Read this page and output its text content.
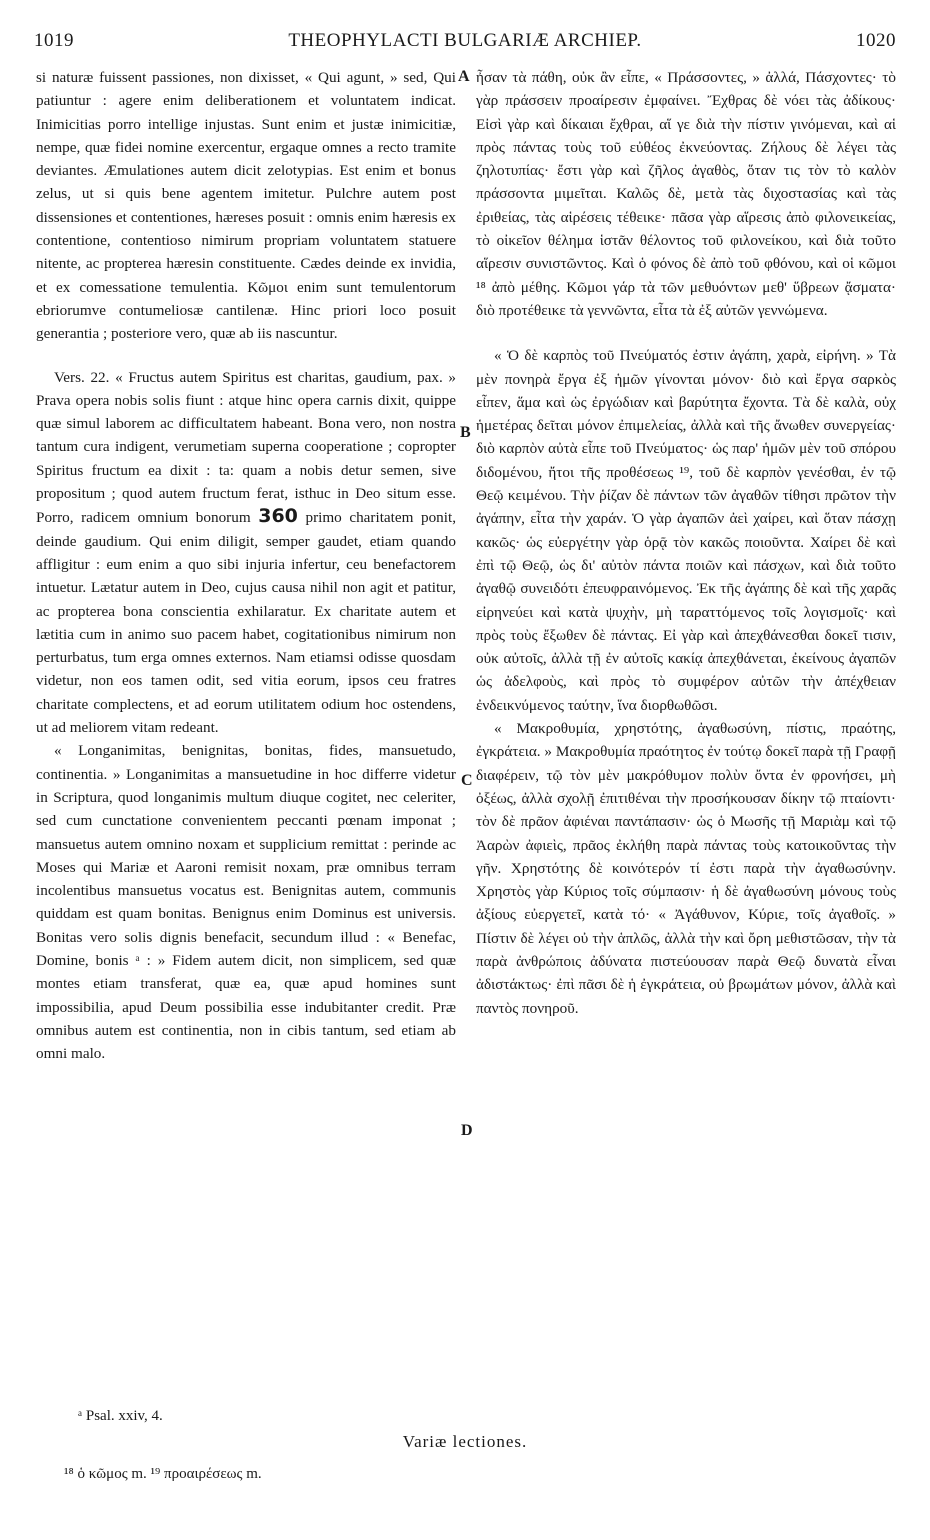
1019	THEOPHYLACTI BULGARIÆ ARCHIEP.	1020

si naturæ fuissent passiones, non dixisset, « Qui agunt, » sed, Qui patiuntur : agere enim deliberationem et voluntatem indicat. Inimicitias porro intellige injustas. Sunt enim et justæ inimicitiæ, nempe, quæ fidei nomine exercentur, ergaque omnes a recto tramite deviantes. Æmulationes autem dicit zelotypias. Est enim et bonus zelus, ut si quis bene agentem imitetur. Pulchre autem post dissensiones et contentiones, hæreses posuit : omnis enim hæresis ex contentione, contentioso nimirum propriam voluntatem statuere nitente, ac propterea hæresin constituente. Cædes deinde ex invidia, et ex comessatione temulentia. Κῶμοι enim sunt temulentorum ebriorumve contumeliosæ cantilenæ. Hinc priori loco posuit generantia ; posteriore vero, quæ ab iis nascuntur.

Vers. 22. « Fructus autem Spiritus est charitas, gaudium, pax. » Prava opera nobis solis fiunt : atque hinc opera carnis dixit, quippe quæ simul laborem ac difficultatem habeant. Bona vero, non nostra tantum cura indigent, verumetiam superna cooperatione ; copropter Spiritus fructum ea dixit : ta: quam a nobis detur semen, sive propositum ; quod autem fructum ferat, isthuc in Deo situm esse. Porro, radicem omnium bonorum 360 primo charitatem ponit, deinde gaudium. Qui enim diligit, semper gaudet, etiam quando affligitur : eum enim a quo sibi injuria infertur, ceu benefactorem intuetur. Lætatur autem in Deo, cujus causa nihil non agit et patitur, ac propterea bona conscientia exhilaratur. Ex charitate autem et lætitia cum in animo suo pacem habet, cogitationibus nimirum non perturbatus, tum erga omnes externos. Nam etiamsi odisse quosdam videtur, non eos tamen odit, sed vitia eorum, ipsos ceu fratres charitate complectens, et ad eorum utilitatem odium hoc ostendens, ut ad meliorem vitam redeant.

« Longanimitas, benignitas, bonitas, fides, mansuetudo, continentia. » Longanimitas a mansuetudine in hoc differre videtur in Scriptura, quod longanimis multum diuque cogitet, nec celeriter, sed cum cunctatione convenientem peccanti pœnam imponat ; mansuetus autem omnino noxam et supplicium remittat : perinde ac Moses qui Mariæ et Aaroni remisit noxam, præ omnibus terram incolentibus mansuetus vocatus est. Benignitas autem, communis quiddam est quam bonitas. Benignus enim Dominus est universis. Bonitas vero solis dignis benefacit, secundum illud : « Benefac, Domine, bonis ᵃ : » Fidem autem dicit, non simplicem, sed quæ montes etiam transferat, quæ ea, quæ apud homines sunt impossibilia, apud Deum possibilia esse indubitanter credit. Præ omnibus autem est continentia, non in cibis tantum, sed etiam ab omni malo.

ἦσαν τὰ πάθη, οὐκ ἂν εἶπε, « Πράσσοντες, » ἀλλά, Πάσχοντες· τὸ γὰρ πράσσειν προαίρεσιν ἐμφαίνει. Ἔχθρας δὲ νόει τὰς ἀδίκους· Εἰσὶ γὰρ καὶ δίκαιαι ἔχθραι, αἵ γε διὰ τὴν πίστιν γινόμεναι, καὶ αἱ πρὸς πάντας τοὺς τοῦ εὐθέος ἐκνεύοντας. Ζήλους δὲ λέγει τὰς ζηλοτυπίας· ἔστι γὰρ καὶ ζῆλος ἀγαθὸς, ὅταν τις τὸν τὸ καλὸν πράσσοντα μιμεῖται. Καλῶς δὲ, μετὰ τὰς διχοστασίας καὶ τὰς ἐριθείας, τὰς αἱρέσεις τέθεικε· πᾶσα γὰρ αἵρεσις ἀπὸ φιλονεικείας, τὸ οἰκεῖον θέλημα ἱστᾶν θέλοντος τοῦ φιλονείκου, καὶ διὰ τοῦτο αἵρεσιν συνιστῶντος. Καὶ ὁ φόνος δὲ ἀπὸ τοῦ φθόνου, καὶ οἱ κῶμοι ¹⁸ ἀπὸ μέθης. Κῶμοι γάρ τὰ τῶν μεθυόντων μεθ' ὕβρεων ᾄσματα· διὸ προτέθεικε τὰ γεννῶντα, εἶτα τὰ ἐξ αὐτῶν γεννώμενα.

« Ὁ δὲ καρπὸς τοῦ Πνεύματός ἐστιν ἀγάπη, χαρὰ, εἰρήνη. » Τὰ μὲν πονηρὰ ἔργα ἐξ ἡμῶν γίνονται μόνον· διὸ καὶ ἔργα σαρκὸς εἶπεν, ἅμα καὶ ὡς ἐργώδιαν καὶ βαρύτητα ἔχοντα. Τὰ δὲ καλὰ, οὐχ ἡμετέρας δεῖται μόνον ἐπιμελείας, ἀλλὰ καὶ τῆς ἄνωθεν συνεργείας· διὸ καρπὸν αὐτὰ εἶπε τοῦ Πνεύματος· ὡς παρ' ἡμῶν μὲν τοῦ σπόρου διδομένου, ἤτοι τῆς προθέσεως ¹⁹, τοῦ δὲ καρπὸν γενέσθαι, ἐν τῷ Θεῷ κειμένου. Τὴν ῥίζαν δὲ πάντων τῶν ἀγαθῶν τίθησι πρῶτον τὴν ἀγάπην, εἶτα τὴν χαράν. Ὁ γὰρ ἀγαπῶν ἀεὶ χαίρει, καὶ ὅταν πάσχῃ κακῶς· ὡς εὐεργέτην γὰρ ὁρᾷ τὸν κακῶς ποιοῦντα. Χαίρει δὲ καὶ ἐπὶ τῷ Θεῷ, ὡς δι' αὐτὸν πάντα ποιῶν καὶ πάσχων, καὶ διὰ τοῦτο ἀγαθῷ συνειδότι ἐπευφραινόμενος. Ἐκ τῆς ἀγάπης δὲ καὶ τῆς χαρᾶς εἰρηνεύει καὶ κατὰ ψυχὴν, μὴ ταραττόμενος τοῖς λογισμοῖς· καὶ πρὸς τοὺς ἔξωθεν δὲ πάντας. Εἰ γὰρ καὶ ἀπεχθάνεσθαι δοκεῖ τισιν, οὐκ αὐτοῖς, ἀλλὰ τῇ ἐν αὐτοῖς κακίᾳ ἀπεχθάνεται, ἐκείνους ἀγαπῶν ὡς ἀδελφοὺς, καὶ πρὸς τὸ συμφέρον αὐτῶν τὴν ἀπέχθειαν ἐνδεικνύμενος ταύτην, ἵνα διορθωθῶσι.

« Μακροθυμία, χρηστότης, ἀγαθωσύνη, πίστις, πραότης, ἐγκράτεια. » Μακροθυμία πραότητος ἐν τούτῳ δοκεῖ παρὰ τῇ Γραφῇ διαφέρειν, τῷ τὸν μὲν μακρόθυμον πολὺν ὄντα ἐν φρονήσει, μὴ ὀξέως, ἀλλὰ σχολῇ ἐπιτιθέναι τὴν προσήκουσαν δίκην τῷ πταίοντι· τὸν δὲ πρᾶον ἀφιέναι παντάπασιν· ὡς ὁ Μωσῆς τῇ Μαριὰμ καὶ τῷ Ἀαρὼν ἀφιεὶς, πρᾶος ἐκλήθη παρὰ πάντας τοὺς κατοικοῦντας τὴν γῆν. Χρηστότης δὲ κοινότερόν τί ἐστι παρὰ τὴν ἀγαθωσύνην. Χρηστὸς γὰρ Κύριος τοῖς σύμπασιν· ἡ δὲ ἀγαθωσύνη μόνους τοὺς ἀξίους εὐεργετεῖ, κατὰ τό· « Ἀγάθυνον, Κύριε, τοῖς ἀγαθοῖς. » Πίστιν δὲ λέγει οὐ τὴν ἁπλῶς, ἀλλὰ τὴν καὶ ὄρη μεθιστῶσαν, τὴν τὰ παρὰ ἀνθρώποις ἀδύνατα πιστεύουσαν παρὰ Θεῷ δυνατὰ εἶναι ἀδιστάκτως· ἐπὶ πᾶσι δὲ ἡ ἐγκράτεια, οὐ βρωμάτων μόνον, ἀλλὰ καὶ παντὸς πονηροῦ.

A
B
C
D
ᵃ Psal. xxiv, 4.
Variæ lectiones.
¹⁸ ὁ κῶμος m. ¹⁹ προαιρέσεως m.
